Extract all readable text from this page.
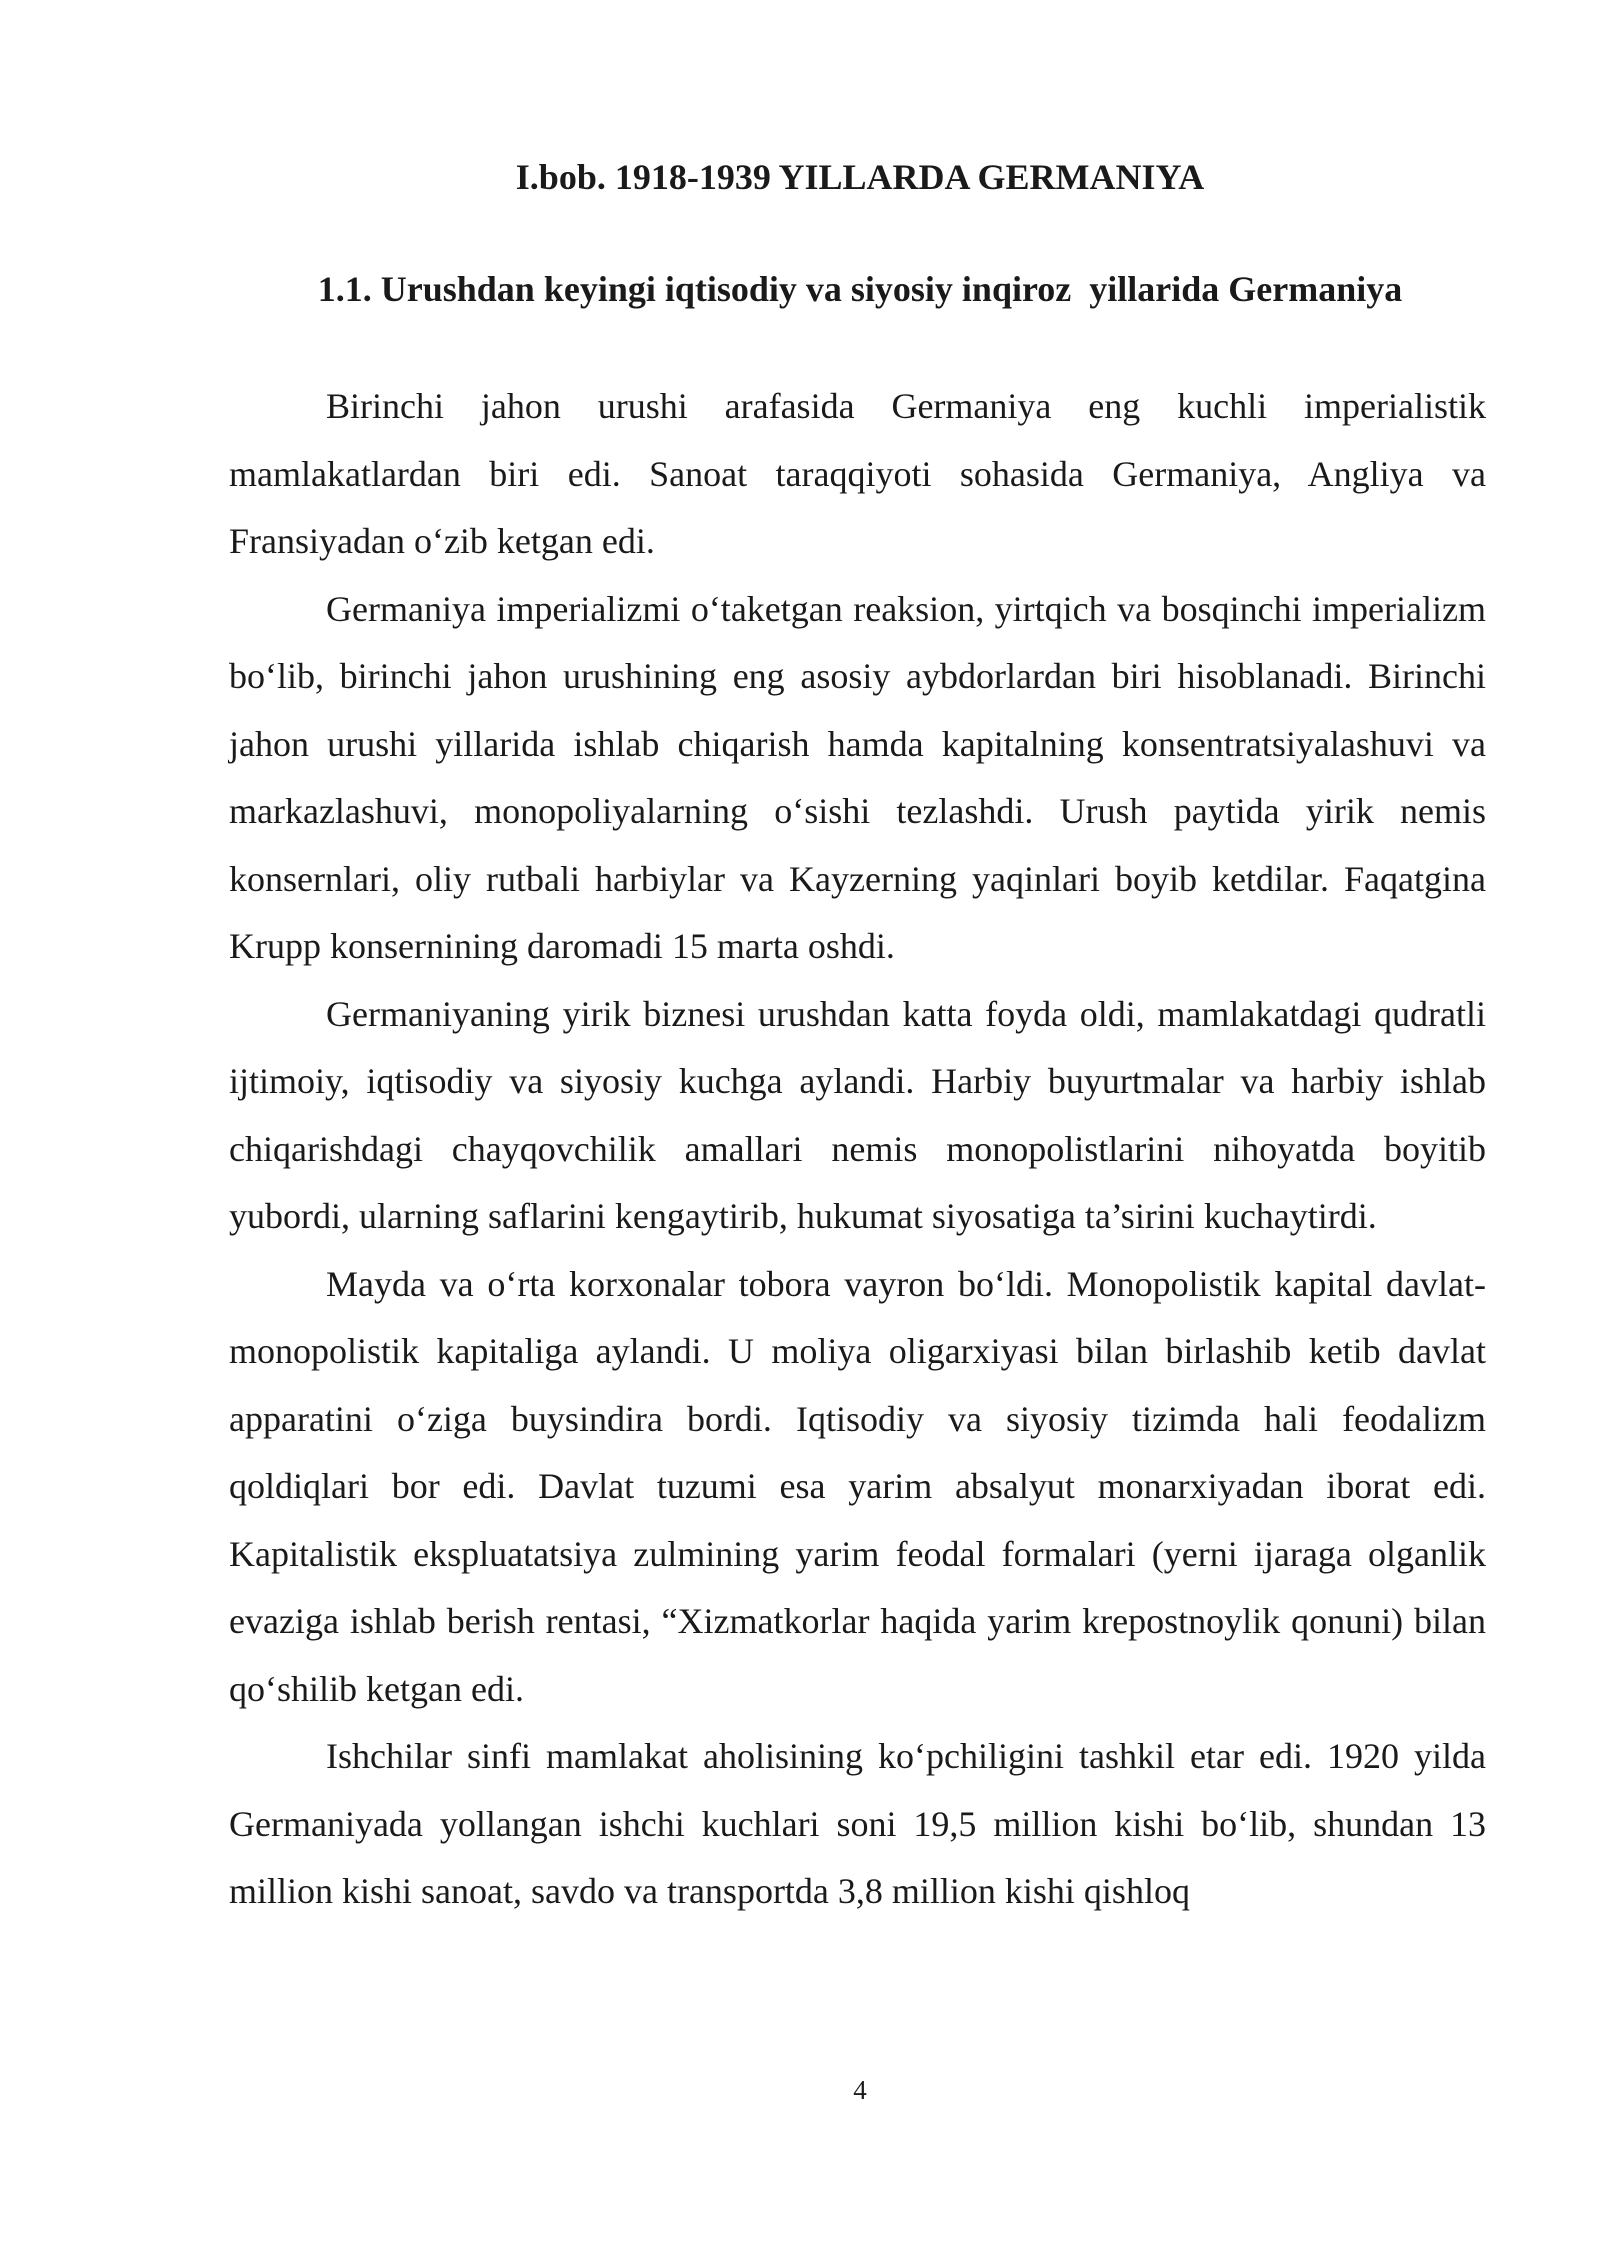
I.bob. 1918-1939 YILLARDA GERMANIYA
1.1. Urushdan keyingi iqtisodiy va siyosiy inqiroz  yillarida Germaniya

Birinchi jahon urushi arafasida Germaniya eng kuchli imperialistik mamlakatlardan biri edi. Sanoat taraqqiyoti sohasida Germaniya, Angliya va Fransiyadan o‘zib ketgan edi.

Germaniya imperializmi o‘taketgan reaksion, yirtqich va bosqinchi imperializm bo‘lib, birinchi jahon urushining eng asosiy aybdorlardan biri hisoblanadi. Birinchi jahon urushi yillarida ishlab chiqarish hamda kapitalning konsentratsiyalashuvi va markazlashuvi, monopoliyalarning o‘sishi tezlashdi. Urush paytida yirik nemis konsernlari, oliy rutbali harbiylar va Kayzerning yaqinlari boyib ketdilar. Faqatgina Krupp konsernining daromadi 15 marta oshdi.

Germaniyaning yirik biznesi urushdan katta foyda oldi, mamlakatdagi qudratli ijtimoiy, iqtisodiy va siyosiy kuchga aylandi. Harbiy buyurtmalar va harbiy ishlab chiqarishdagi chayqovchilik amallari nemis monopolistlarini nihoyatda boyitib yubordi, ularning saflarini kengaytirib, hukumat siyosatiga ta’sirini kuchaytirdi.

Mayda va o‘rta korxonalar tobora vayron bo‘ldi. Monopolistik kapital davlat-monopolistik kapitaliga aylandi. U moliya oligarxiyasi bilan birlashib ketib davlat apparatini o‘ziga buysindira bordi. Iqtisodiy va siyosiy tizimda hali feodalizm qoldiqlari bor edi. Davlat tuzumi esa yarim absalyut monarxiyadan iborat edi. Kapitalistik ekspluatatsiya zulmining yarim feodal formalari (yerni ijaraga olganlik evaziga ishlab berish rentasi, “Xizmatkorlar haqida yarim krepostnoylik qonuni) bilan qo‘shilib ketgan edi.

Ishchilar sinfi mamlakat aholisining ko‘pchiligini tashkil etar edi. 1920 yilda Germaniyada yollangan ishchi kuchlari soni 19,5 million kishi bo‘lib, shundan 13 million kishi sanoat, savdo va transportda 3,8 million kishi qishloq

4
